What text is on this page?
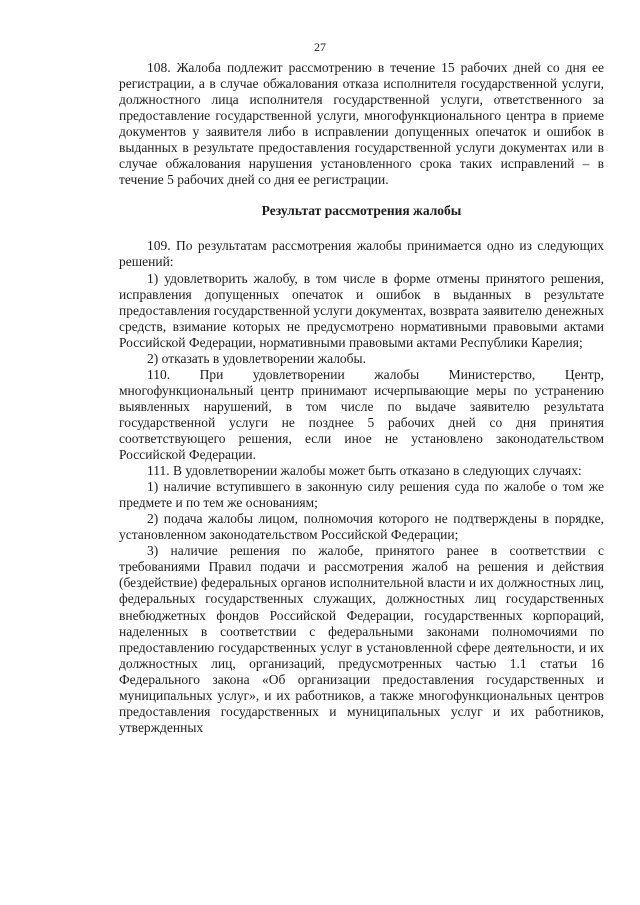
27

108. Жалоба подлежит рассмотрению в течение 15 рабочих дней со дня ее регистрации, а в случае обжалования отказа исполнителя государственной услуги, должностного лица исполнителя государственной услуги, ответственного за предоставление государственной услуги, многофункционального центра в приеме документов у заявителя либо в исправлении допущенных опечаток и ошибок в выданных в результате предоставления государственной услуги документах или в случае обжалования нарушения установленного срока таких исправлений – в течение 5 рабочих дней со дня ее регистрации.

Результат рассмотрения жалобы

109. По результатам рассмотрения жалобы принимается одно из следующих решений:

1) удовлетворить жалобу, в том числе в форме отмены принятого решения, исправления допущенных опечаток и ошибок в выданных в результате предоставления государственной услуги документах, возврата заявителю денежных средств, взимание которых не предусмотрено нормативными правовыми актами Российской Федерации, нормативными правовыми актами Республики Карелия;

2) отказать в удовлетворении жалобы.

110. При удовлетворении жалобы Министерство, Центр, многофункциональный центр принимают исчерпывающие меры по устранению выявленных нарушений, в том числе по выдаче заявителю результата государственной услуги не позднее 5 рабочих дней со дня принятия соответствующего решения, если иное не установлено законодательством Российской Федерации.

111. В удовлетворении жалобы может быть отказано в следующих случаях:

1) наличие вступившего в законную силу решения суда по жалобе о том же предмете и по тем же основаниям;

2) подача жалобы лицом, полномочия которого не подтверждены в порядке, установленном законодательством Российской Федерации;

3) наличие решения по жалобе, принятого ранее в соответствии с требованиями Правил подачи и рассмотрения жалоб на решения и действия (бездействие) федеральных органов исполнительной власти и их должностных лиц, федеральных государственных служащих, должностных лиц государственных внебюджетных фондов Российской Федерации, государственных корпораций, наделенных в соответствии с федеральными законами полномочиями по предоставлению государственных услуг в установленной сфере деятельности, и их должностных лиц, организаций, предусмотренных частью 1.1 статьи 16 Федерального закона «Об организации предоставления государственных и муниципальных услуг», и их работников, а также многофункциональных центров предоставления государственных и муниципальных услуг и их работников, утвержденных
